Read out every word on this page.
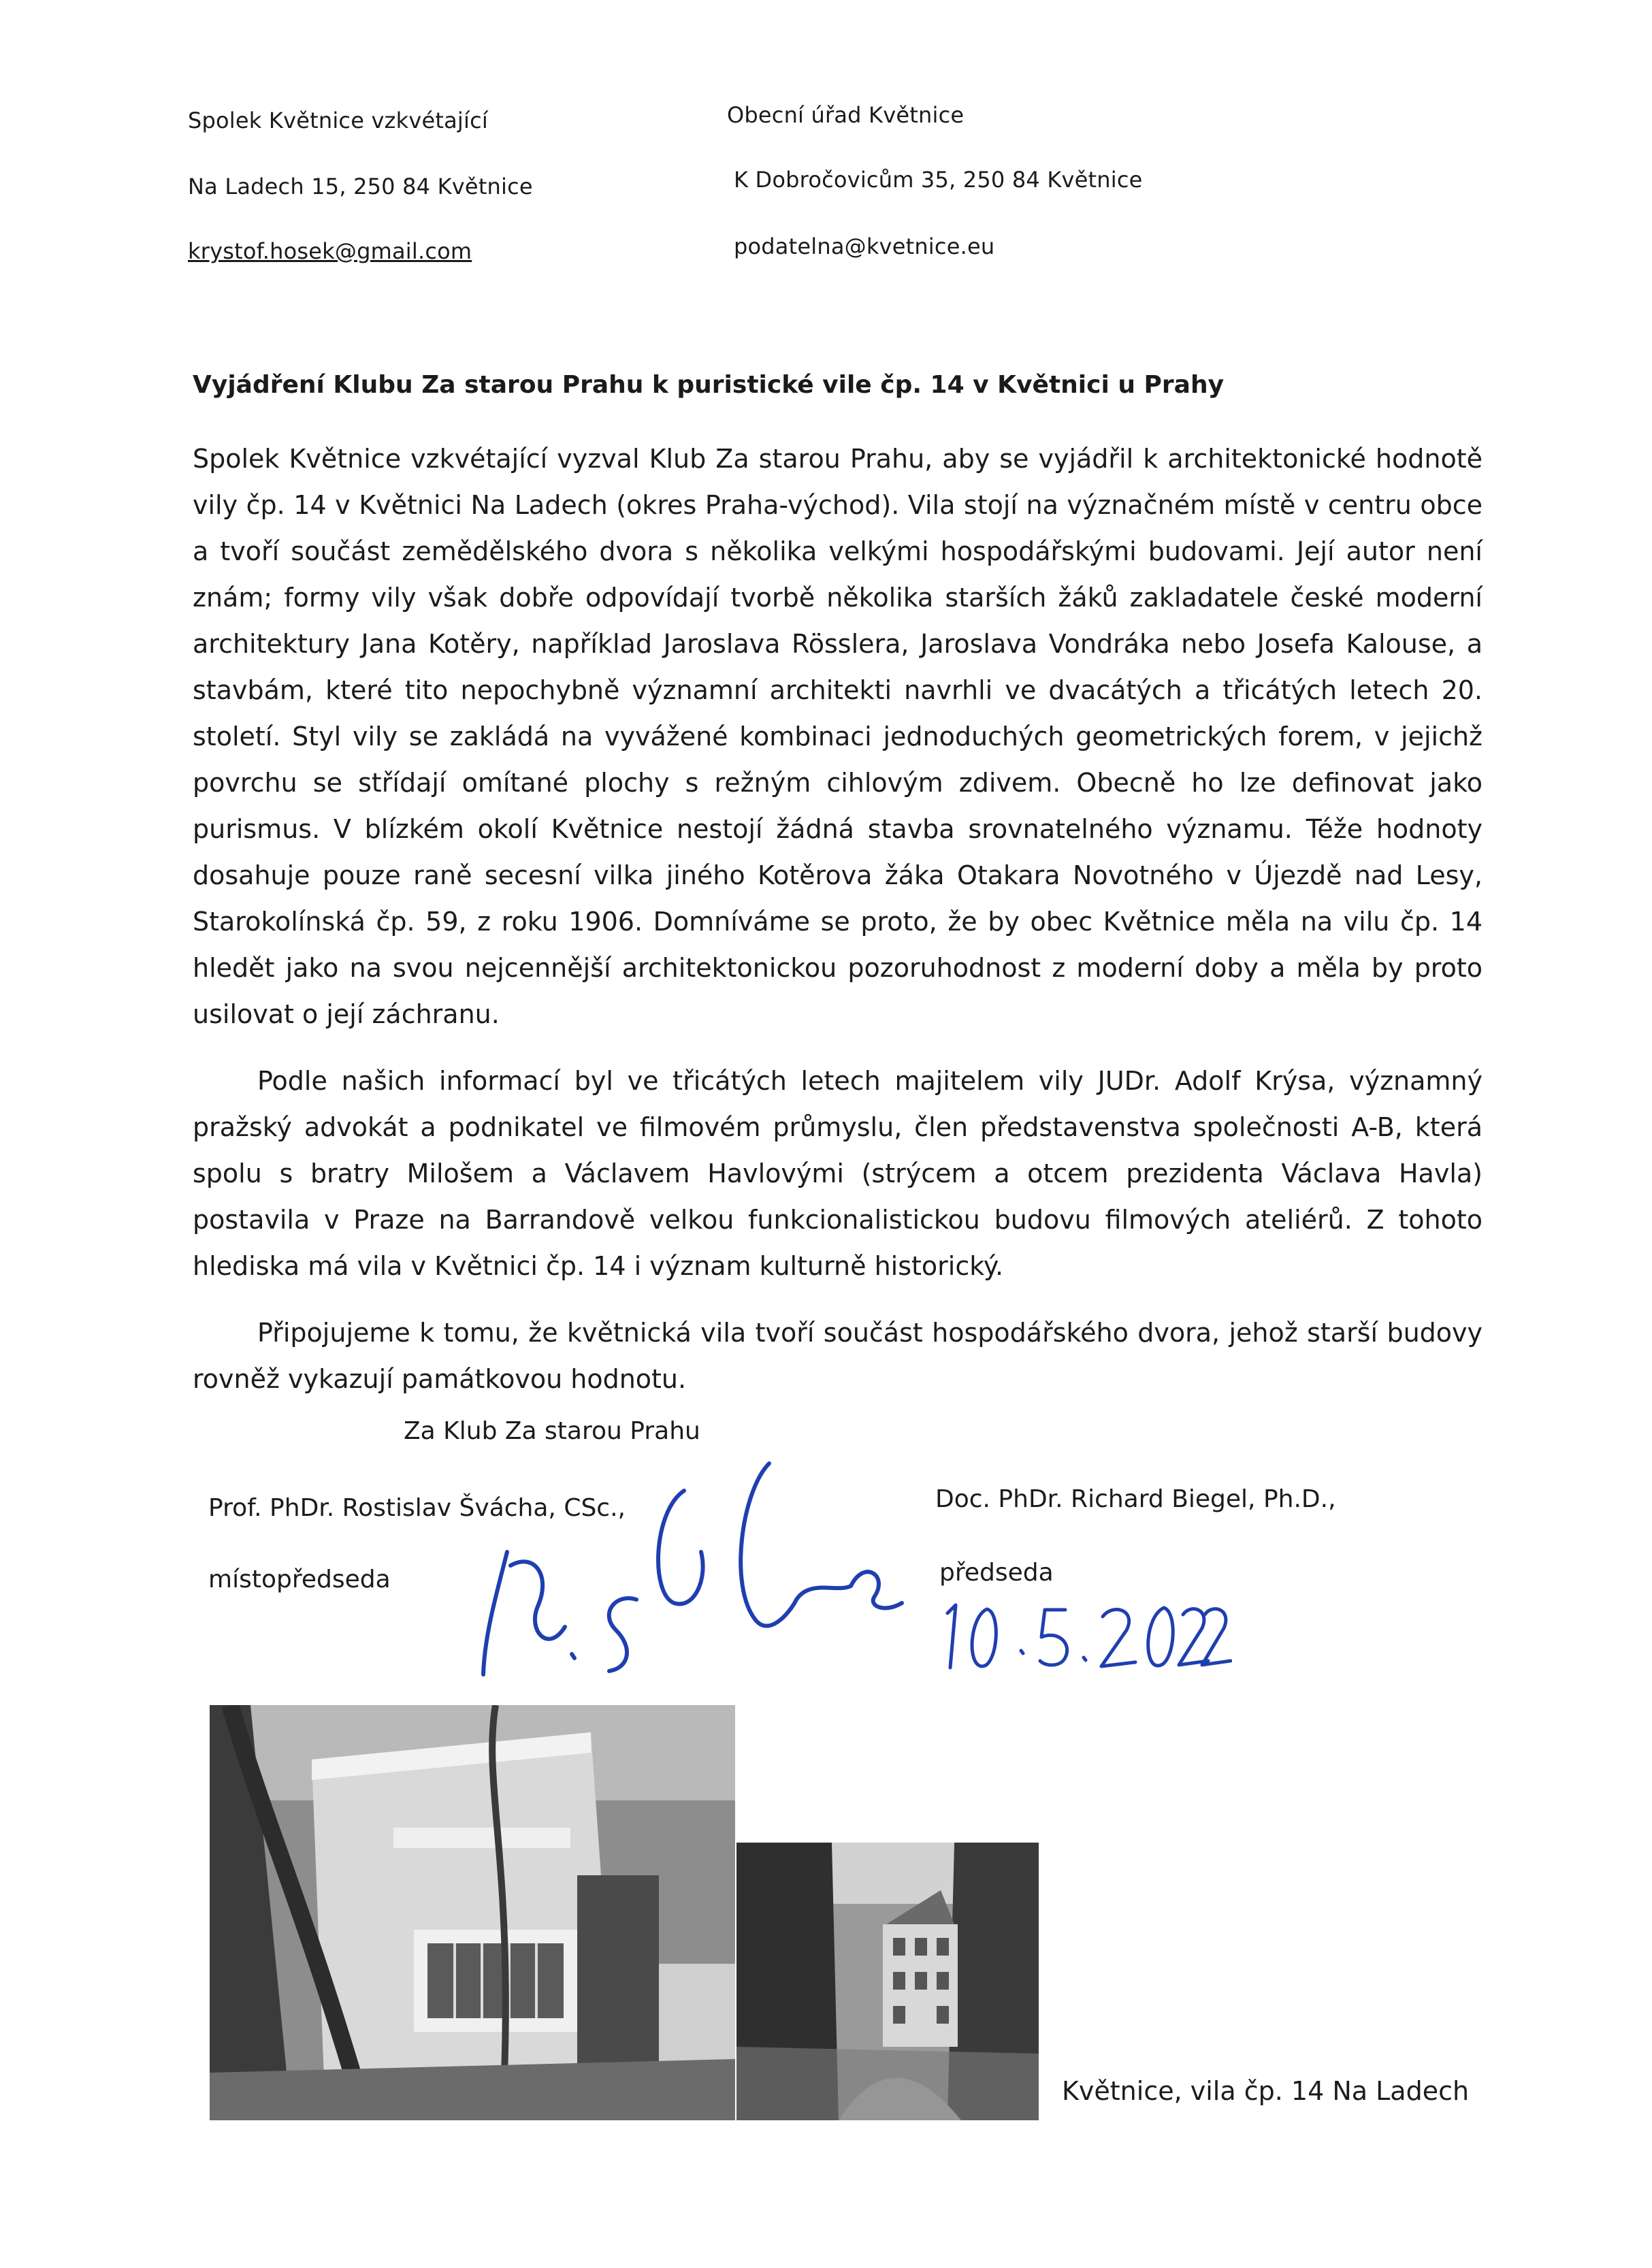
Spolek Květnice vzkvétající
Na Ladech 15, 250 84 Květnice
krystof.hosek@gmail.com
Obecní úřad Květnice
K Dobročovicům 35, 250 84 Květnice
podatelna@kvetnice.eu
Vyjádření Klubu Za starou Prahu k puristické vile čp. 14 v Květnici u Prahy

Spolek Květnice vzkvétající vyzval Klub Za starou Prahu, aby se vyjádřil k architektonické hodnotě vily čp. 14 v Květnici Na Ladech (okres Praha-východ). Vila stojí na význačném místě v centru obce a tvoří součást zemědělského dvora s několika velkými hospodářskými budovami. Její autor není znám; formy vily však dobře odpovídají tvorbě několika starších žáků zakladatele české moderní architektury Jana Kotěry, například Jaroslava Rösslera, Jaroslava Vondráka nebo Josefa Kalouse, a stavbám, které tito nepochybně významní architekti navrhli ve dvacátých a třicátých letech 20. století. Styl vily se zakládá na vyvážené kombinaci jednoduchých geometrických forem, v jejichž povrchu se střídají omítané plochy s režným cihlovým zdivem. Obecně ho lze definovat jako purismus. V blízkém okolí Květnice nestojí žádná stavba srovnatelného významu. Téže hodnoty dosahuje pouze raně secesní vilka jiného Kotěrova žáka Otakara Novotného v Újezdě nad Lesy, Starokolínská čp. 59, z roku 1906. Domníváme se proto, že by obec Květnice měla na vilu čp. 14 hledět jako na svou nejcennější architektonickou pozoruhodnost z moderní doby a měla by proto usilovat o její záchranu.

Podle našich informací byl ve třicátých letech majitelem vily JUDr. Adolf Krýsa, významný pražský advokát a podnikatel ve filmovém průmyslu, člen představenstva společnosti A-B, která spolu s bratry Milošem a Václavem Havlovými (strýcem a otcem prezidenta Václava Havla) postavila v Praze na Barrandově velkou funkcionalistickou budovu filmových ateliérů. Z tohoto hlediska má vila v Květnici čp. 14 i význam kulturně historický.

Připojujeme k tomu, že květnická vila tvoří součást hospodářského dvora, jehož starší budovy rovněž vykazují památkovou hodnotu.

Za Klub Za starou Prahu
Prof. PhDr. Rostislav Švácha, CSc.,
místopředseda
Doc. PhDr. Richard Biegel, Ph.D.,
předseda
Květnice, vila čp. 14 Na Ladech
